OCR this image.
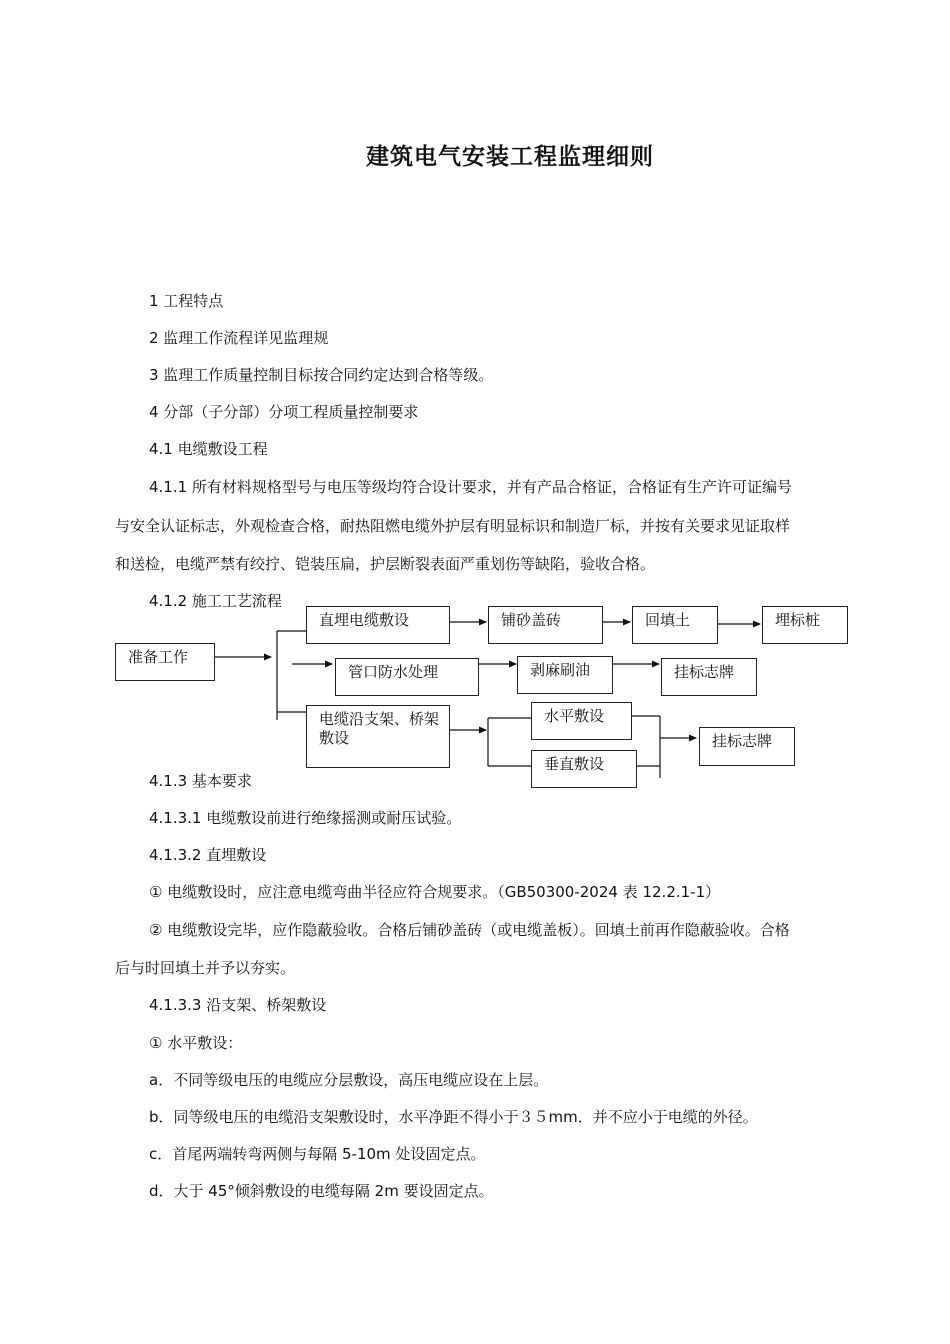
建筑电气安装工程监理细则
1 工程特点
2 监理工作流程详见监理规
3 监理工作质量控制目标按合同约定达到合格等级。
4 分部（子分部）分项工程质量控制要求
4.1 电缆敷设工程
4.1.1 所有材料规格型号与电压等级均符合设计要求，并有产品合格证，合格证有生产许可证编号
与安全认证标志，外观检查合格，耐热阻燃电缆外护层有明显标识和制造厂标，并按有关要求见证取样
和送检，电缆严禁有绞拧、铠装压扁，护层断裂表面严重划伤等缺陷，验收合格。
4.1.2 施工工艺流程
准备工作
直埋电缆敷设	铺砂盖砖	回填土	埋标桩
管口防水处理	剥麻刷油	挂标志牌
电缆沿支架、桥架敷设
水平敷设
垂直敷设
挂标志牌
4.1.3 基本要求
4.1.3.1 电缆敷设前进行绝缘摇测或耐压试验。
4.1.3.2 直埋敷设
① 电缆敷设时，应注意电缆弯曲半径应符合规要求。（GB50300-2024 表 12.2.1-1）
② 电缆敷设完毕，应作隐蔽验收。合格后铺砂盖砖（或电缆盖板）。回填土前再作隐蔽验收。合格
后与时回填土并予以夯实。
4.1.3.3 沿支架、桥架敷设
① 水平敷设：
a．不同等级电压的电缆应分层敷设，高压电缆应设在上层。
b．同等级电压的电缆沿支架敷设时，水平净距不得小于３５mm．并不应小于电缆的外径。
c．首尾两端转弯两侧与每隔 5-10m 处设固定点。
d．大于 45°倾斜敷设的电缆每隔 2m 要设固定点。
